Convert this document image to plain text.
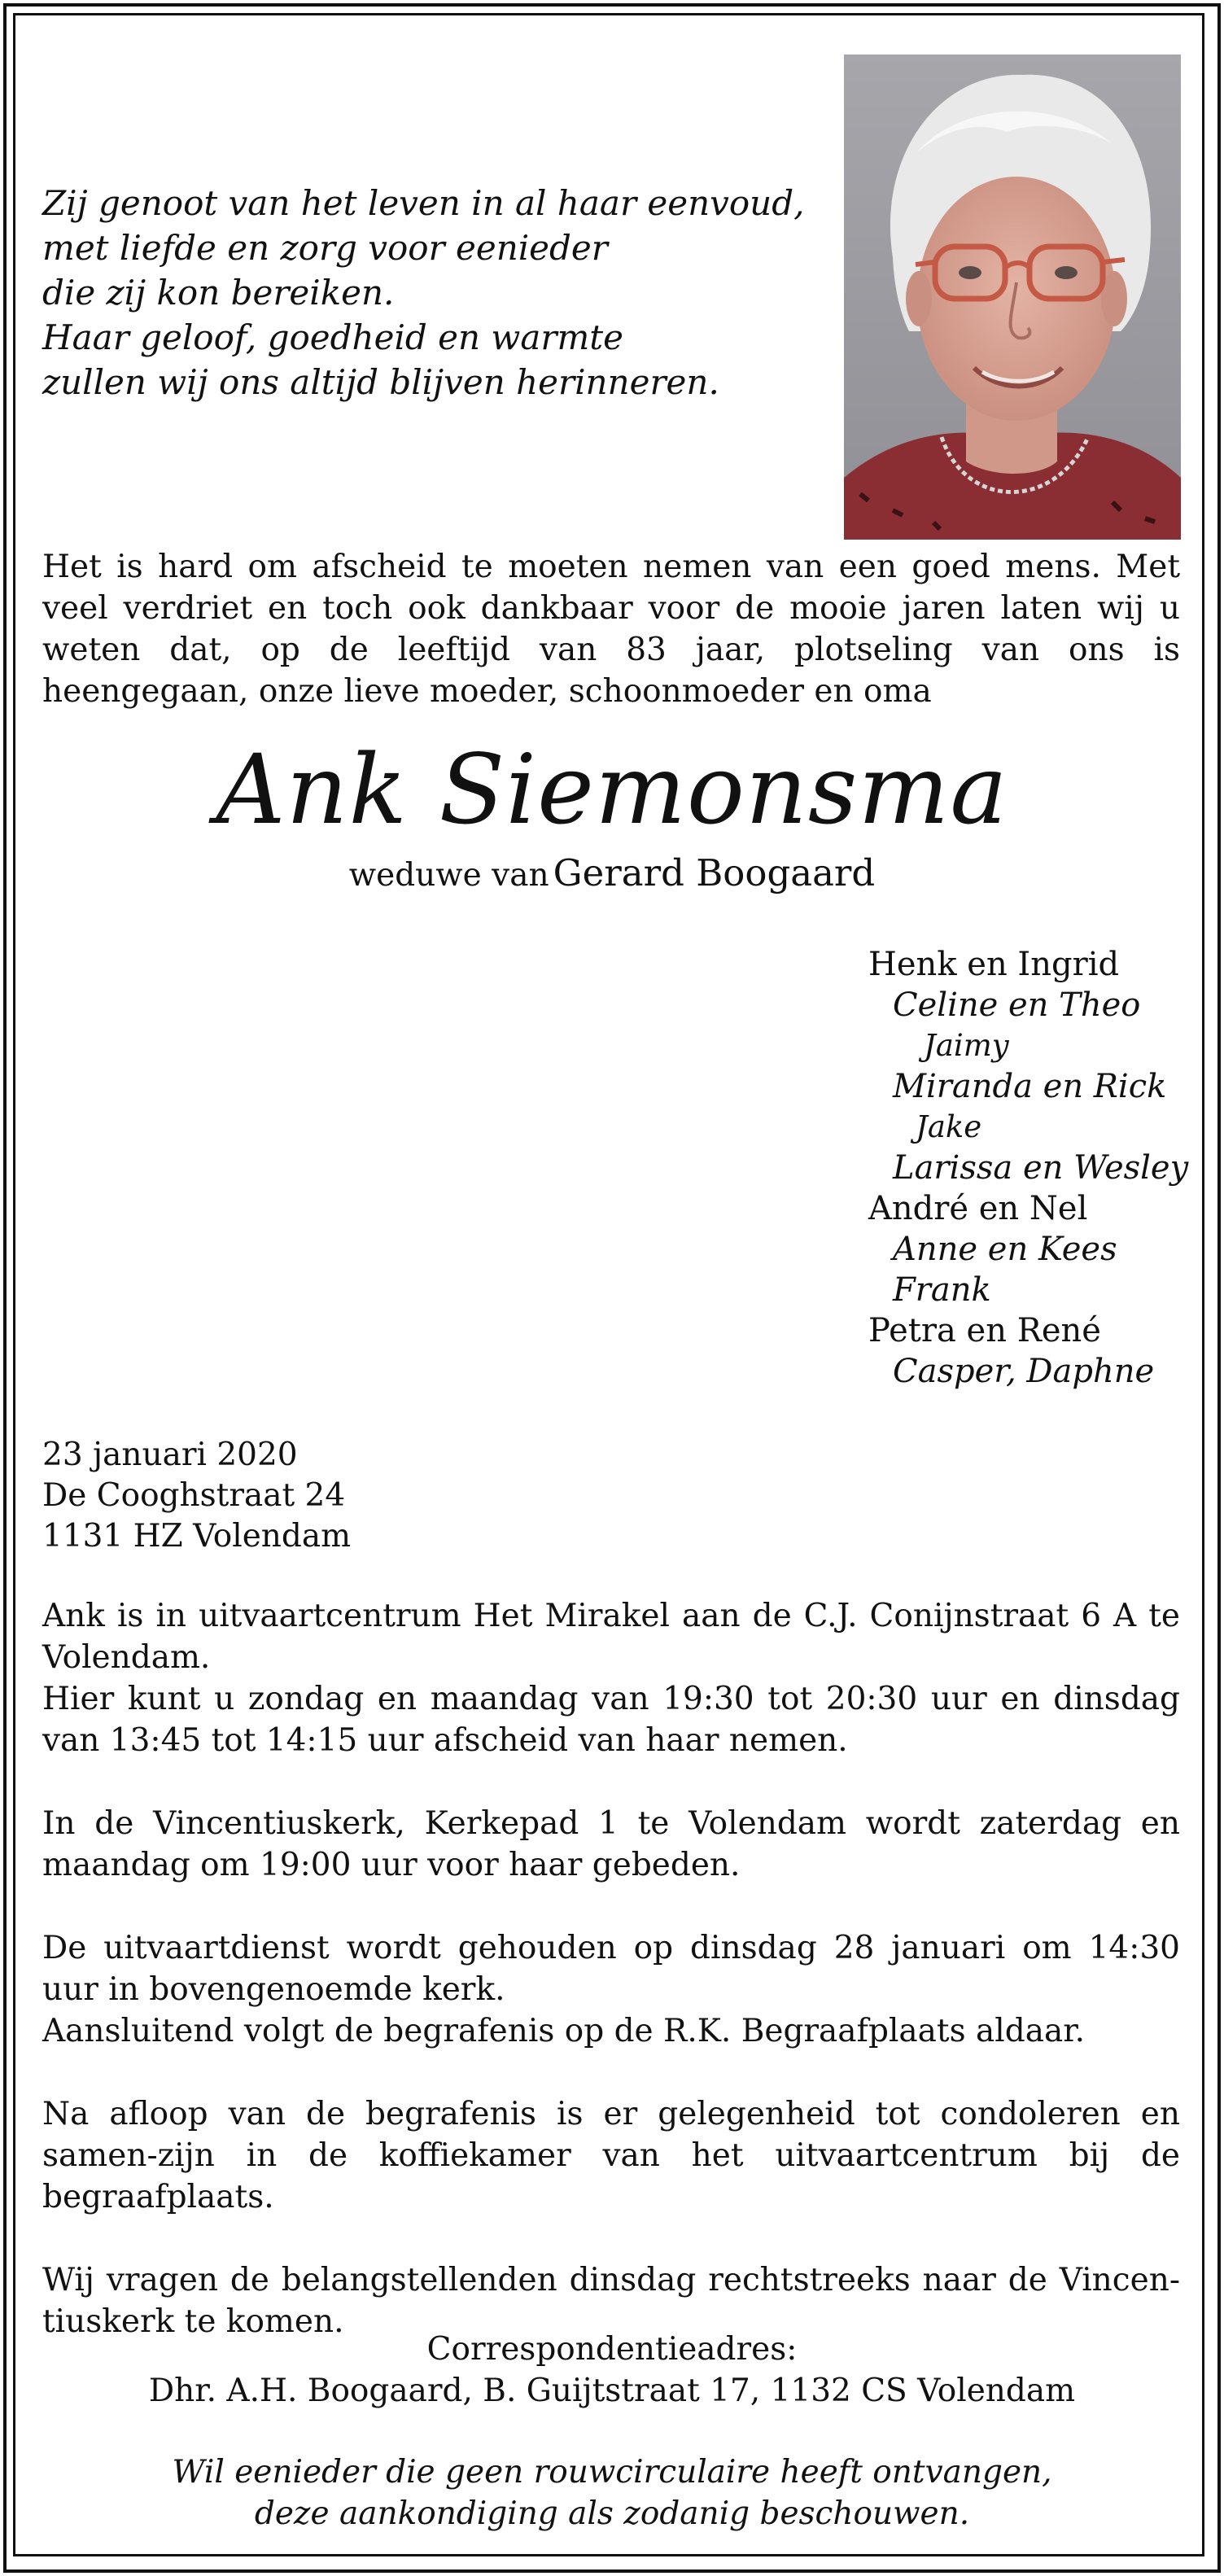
Zij genoot van het leven in al haar eenvoud,
met liefde en zorg voor eenieder
die zij kon bereiken.
Haar geloof, goedheid en warmte
zullen wij ons altijd blijven herinneren.
Het is hard om afscheid te moeten nemen van een goed mens. Met veel verdriet en toch ook dankbaar voor de mooie jaren laten wij u weten dat, op de leeftijd van 83 jaar, plotseling van ons is heengegaan, onze lieve moeder, schoonmoeder en oma
Ank Siemonsma
weduwe van Gerard Boogaard
Henk en Ingrid
Celine en Theo
Jaimy
Miranda en Rick
Jake
Larissa en Wesley
André en Nel
Anne en Kees
Frank
Petra en René
Casper, Daphne
23 januari 2020
De Cooghstraat 24
1131 HZ Volendam
Ank is in uitvaartcentrum Het Mirakel aan de C.J. Conijnstraat 6 A te Volendam.
Hier kunt u zondag en maandag van 19:30 tot 20:30 uur en dinsdag van 13:45 tot 14:15 uur afscheid van haar nemen.
In de Vincentiuskerk, Kerkepad 1 te Volendam wordt zaterdag en maandag om 19:00 uur voor haar gebeden.
De uitvaartdienst wordt gehouden op dinsdag 28 januari om 14:30 uur in bovengenoemde kerk.
Aansluitend volgt de begrafenis op de R.K. Begraafplaats aldaar.
Na afloop van de begrafenis is er gelegenheid tot condoleren en samen-zijn in de koffiekamer van het uitvaartcentrum bij de begraafplaats.
Wij vragen de belangstellenden dinsdag rechtstreeks naar de Vincen-tiuskerk te komen.
Correspondentieadres:
Dhr. A.H. Boogaard, B. Guijtstraat 17, 1132 CS Volendam
Wil eenieder die geen rouwcirculaire heeft ontvangen,
deze aankondiging als zodanig beschouwen.
